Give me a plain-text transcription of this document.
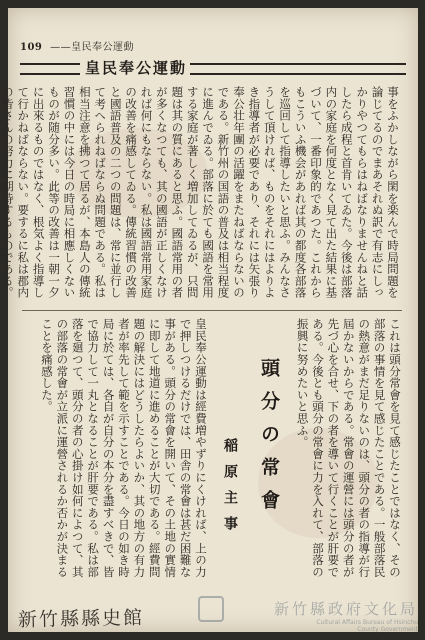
109 ——皇民奉公運動
皇民奉公運動
事をふかしながら閑を楽んで時局問題を論じてるのでまあそれぬ訳で有志にしっかりやつてもらはねばなりませんねと話したら成程と首肯いてゐた。今後は部落内の家庭を何度となく見て出た結果に基づいて、一番印象的であつた。これからもこういふ機会があれば其の都度各部落を巡回して指導したいと思ふ。みんなさうして頂ければ、ものをそれにはよりよき指導者が必要であり、それには矢張り奉公壮年團の活躍をまたねばならないのである。新竹州の国語の普及は相当程度に進んでゐる。部落に於ても國語を常用する家庭が著しく増加してゐるが、只問題は其の質にあると思ふ。國語常用の者が多くなつても、其の國語が正しくなければ何にもならない。私は國語常用家庭の改善を痛感してゐる。傳統習慣の改善と國語普及の二つの問題は、常に並行して考へられねばならぬ問題である。私は相当注意を拂つて居るが、本島人の傳統習慣の中には今日の時局に相應しくないものが随分多い。此等の改善は一朝一夕に出來るものではなく、根気よく指導して行かねばならない。要するに私は郡内の皆さんの努力に期待するものである。
これは頭分常會を見て感じたことではなく、その部落の事情を見て感じたことである。一般部落民の熱意がまだ足りないのは、頭分の者の指導が行屆かないからである。常會の運營には頭分の者が先づ心を合せ、下の者を導いて行くことが肝要である。今後とも頭分の常會に力を入れて、部落の振興に努めたいと思ふ。
頭分の常會
稲原主事
皇民奉公運動は經費増やずりにくければ、上の力で押しつけるだけでは、田舎の常會は甚だ困難な事がある。頭分の常會を開いて、その土地の實情に即して地道に進めることが大切である。經費問題の解決にはどうしたらよいか、其の地方の有力者が率先して範を示すことである。今日の如き時局に於ては、各自が自分の本分を盡すべきで、皆で協力して一丸となることが肝要である。私は部落を廻つて、頭分の者の心掛け如何によつて、其の部落の常會が立派に運營されるか否かが決まることを痛感した。
新竹縣縣史館	新竹縣政府文化局
Cultural Affairs Bureau of Hsinchu
County Government
